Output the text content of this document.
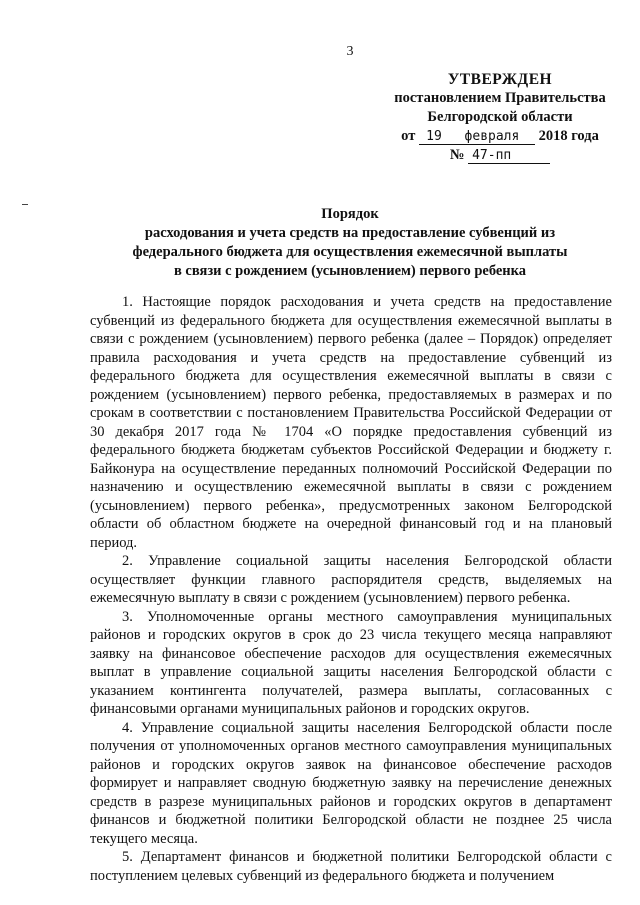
3
УТВЕРЖДЕН
постановлением Правительства
Белгородской области
от 19 февраля 2018 года
№ 47-пп
Порядок
расходования и учета средств на предоставление субвенций из
федерального бюджета для осуществления ежемесячной выплаты
в связи с рождением (усыновлением) первого ребенка

1. Настоящие порядок расходования и учета средств на предоставление субвенций из федерального бюджета для осуществления ежемесячной выплаты в связи с рождением (усыновлением) первого ребенка (далее – Порядок) определяет правила расходования и учета средств на предоставление субвенций из федерального бюджета для осуществления ежемесячной выплаты в связи с рождением (усыновлением) первого ребенка, предоставляемых в размерах и по срокам в соответствии с постановлением Правительства Российской Федерации от 30 декабря 2017 года № 1704 «О порядке предоставления субвенций из федерального бюджета бюджетам субъектов Российской Федерации и бюджету г. Байконура на осуществление переданных полномочий Российской Федерации по назначению и осуществлению ежемесячной выплаты в связи с рождением (усыновлением) первого ребенка», предусмотренных законом Белгородской области об областном бюджете на очередной финансовый год и на плановый период.

2. Управление социальной защиты населения Белгородской области осуществляет функции главного распорядителя средств, выделяемых на ежемесячную выплату в связи с рождением (усыновлением) первого ребенка.

3. Уполномоченные органы местного самоуправления муниципальных районов и городских округов в срок до 23 числа текущего месяца направляют заявку на финансовое обеспечение расходов для осуществления ежемесячных выплат в управление социальной защиты населения Белгородской области с указанием контингента получателей, размера выплаты, согласованных с финансовыми органами муниципальных районов и городских округов.

4. Управление социальной защиты населения Белгородской области после получения от уполномоченных органов местного самоуправления муниципальных районов и городских округов заявок на финансовое обеспечение расходов формирует и направляет сводную бюджетную заявку на перечисление денежных средств в разрезе муниципальных районов и городских округов в департамент финансов и бюджетной политики Белгородской области не позднее 25 числа текущего месяца.

5. Департамент финансов и бюджетной политики Белгородской области с поступлением целевых субвенций из федерального бюджета и получением
